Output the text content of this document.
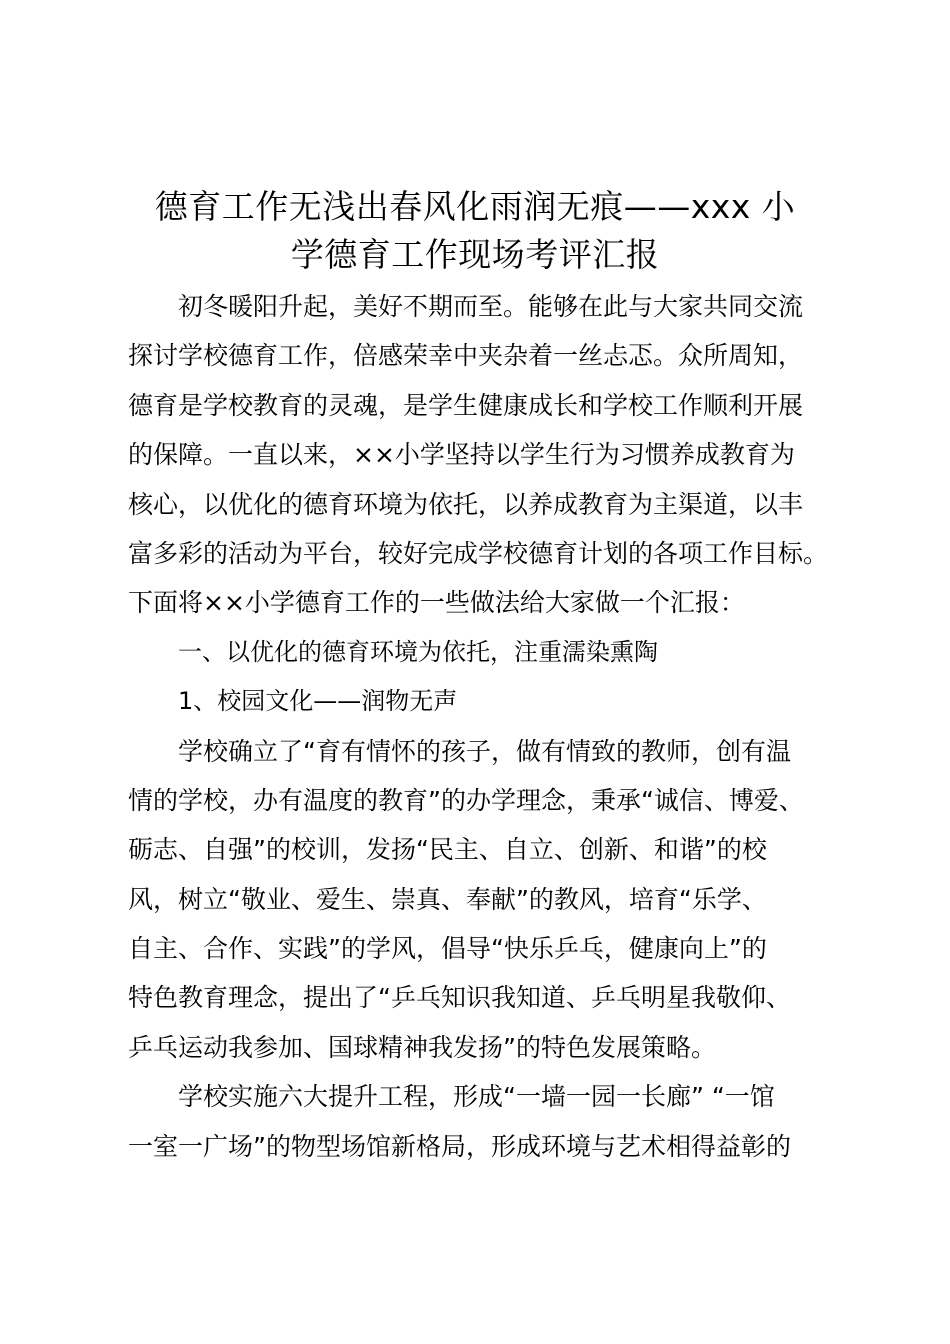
德育工作无浅出春风化雨润无痕——xxx 小
学德育工作现场考评汇报
初冬暖阳升起，美好不期而至。能够在此与大家共同交流
探讨学校德育工作，倍感荣幸中夹杂着一丝忐忑。众所周知，
德育是学校教育的灵魂，是学生健康成长和学校工作顺利开展
的保障。一直以来，××小学坚持以学生行为习惯养成教育为
核心，以优化的德育环境为依托，以养成教育为主渠道，以丰
富多彩的活动为平台，较好完成学校德育计划的各项工作目标。
下面将××小学德育工作的一些做法给大家做一个汇报：
一、以优化的德育环境为依托，注重濡染熏陶
1、校园文化——润物无声
学校确立了“育有情怀的孩子，做有情致的教师，创有温
情的学校，办有温度的教育”的办学理念，秉承“诚信、博爱、
砺志、自强”的校训，发扬“民主、自立、创新、和谐”的校
风，树立“敬业、爱生、崇真、奉献”的教风，培育“乐学、
自主、合作、实践”的学风，倡导“快乐乒乓，健康向上”的
特色教育理念，提出了“乒乓知识我知道、乒乓明星我敬仰、
乒乓运动我参加、国球精神我发扬”的特色发展策略。
学校实施六大提升工程，形成“一墙一园一长廊” “一馆
一室一广场”的物型场馆新格局，形成环境与艺术相得益彰的
